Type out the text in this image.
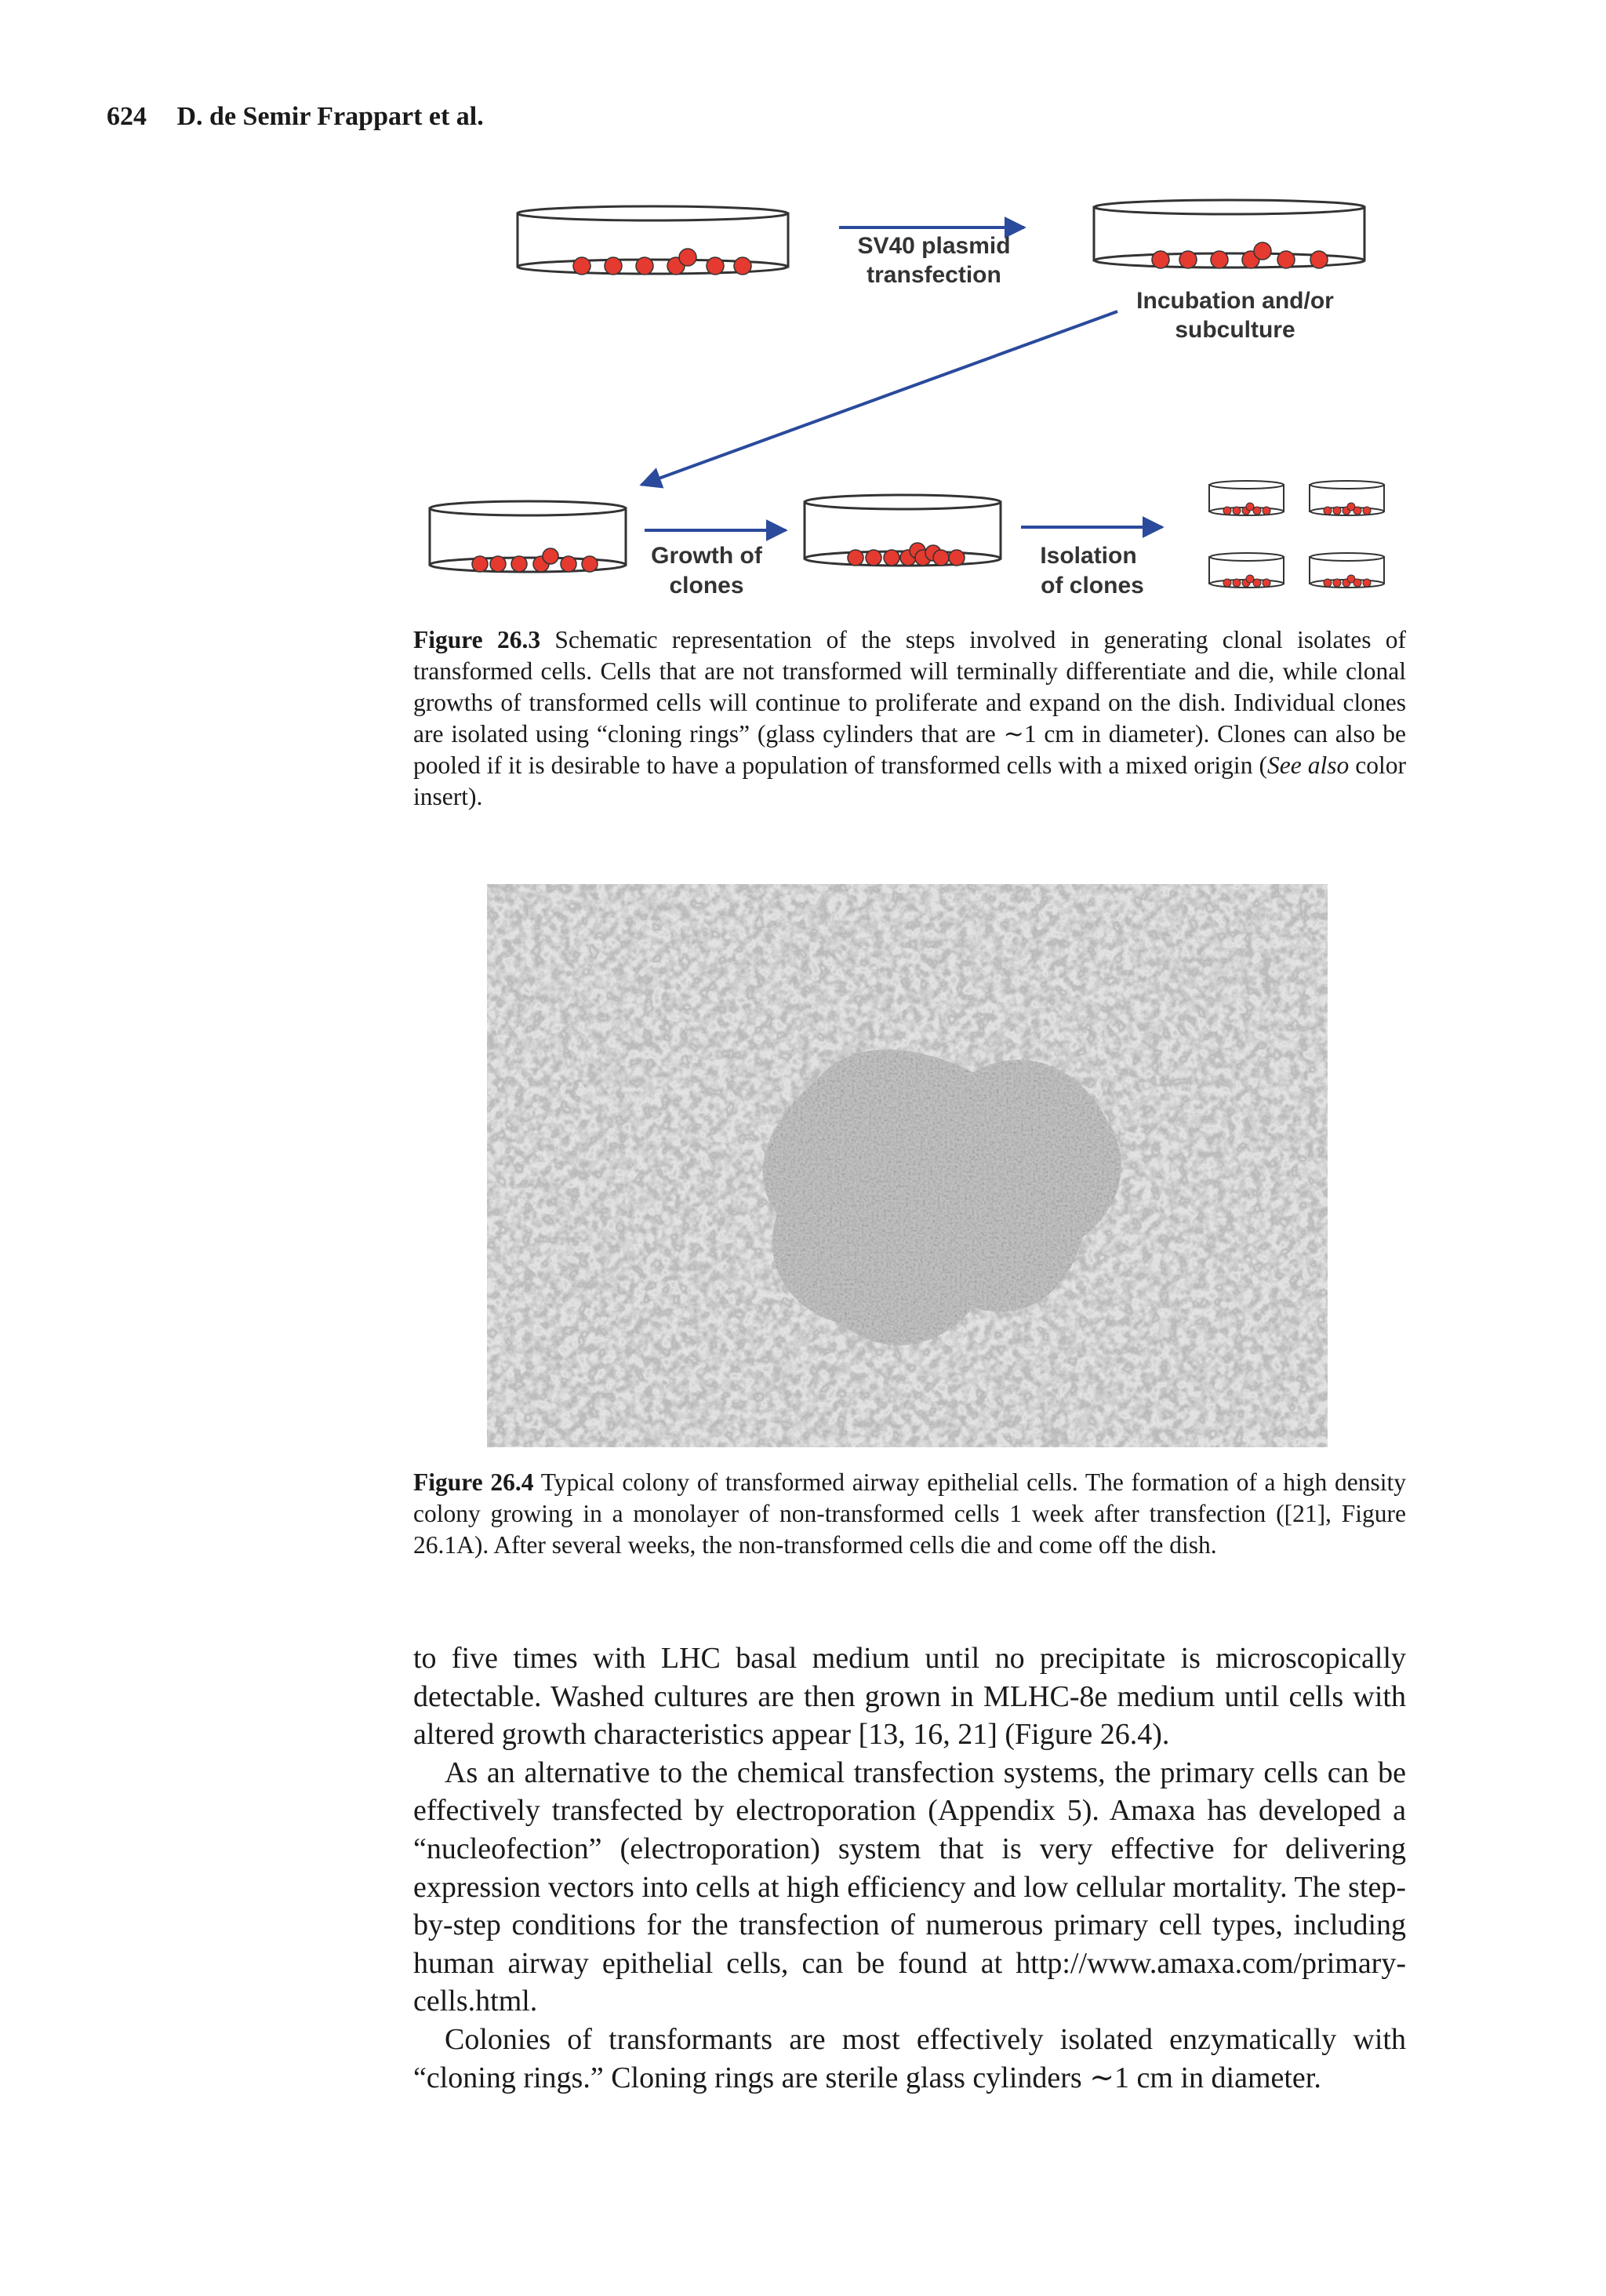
624 D. de Semir Frappart et al.
SV40 plasmid
transfection
Incubation and/or
subculture
Growth of
clones
Isolation
of clones

Figure 26.3 Schematic representation of the steps involved in generating clonal isolates of transformed cells. Cells that are not transformed will terminally differentiate and die, while clonal growths of transformed cells will continue to proliferate and expand on the dish. Individual clones are isolated using “cloning rings” (glass cylinders that are ∼1 cm in diameter). Clones can also be pooled if it is desirable to have a population of transformed cells with a mixed origin (See also color insert).

Figure 26.4 Typical colony of transformed airway epithelial cells. The formation of a high density colony growing in a monolayer of non-transformed cells 1 week after transfection ([21], Figure 26.1A). After several weeks, the non-transformed cells die and come off the dish.

to five times with LHC basal medium until no precipitate is microscopically detectable. Washed cultures are then grown in MLHC-8e medium until cells with altered growth characteristics appear [13, 16, 21] (Figure 26.4).

As an alternative to the chemical transfection systems, the primary cells can be effectively transfected by electroporation (Appendix 5). Amaxa has developed a “nucleofection” (electroporation) system that is very effective for delivering expression vectors into cells at high efficiency and low cellular mortality. The step-by-step conditions for the transfection of numerous primary cell types, including human airway epithelial cells, can be found at http://www.amaxa.com/primary-cells.html.

Colonies of transformants are most effectively isolated enzymatically with “cloning rings.” Cloning rings are sterile glass cylinders ∼1 cm in diameter.
